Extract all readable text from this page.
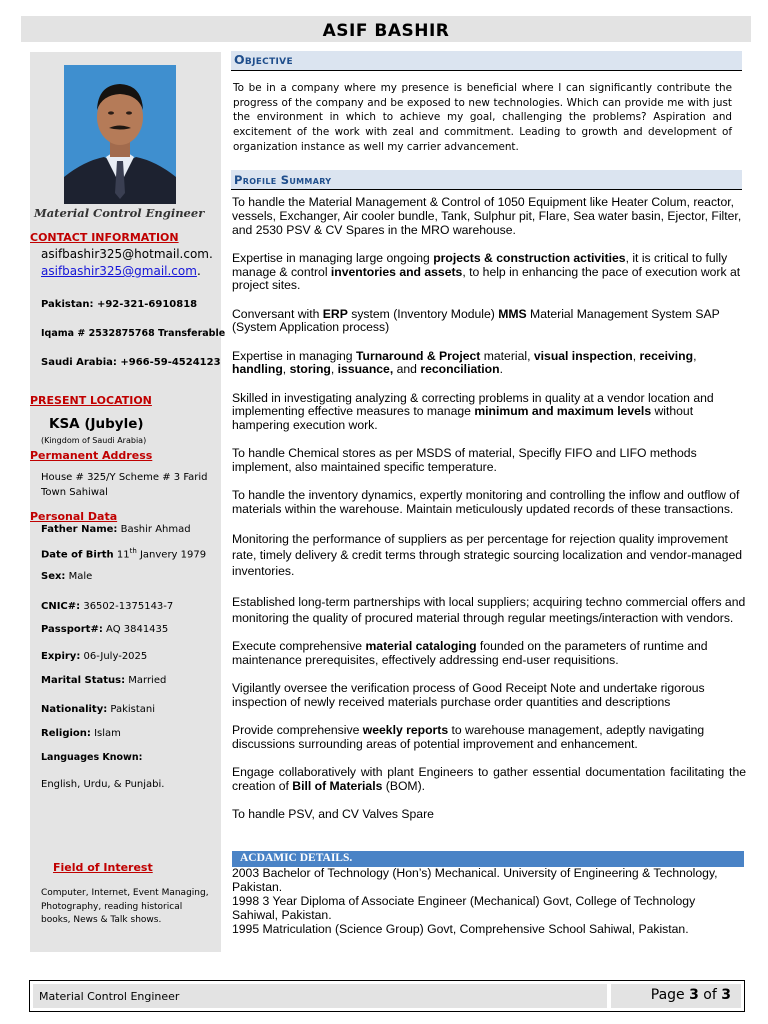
ASIF BASHIR
Material Control Engineer
CONTACT INFORMATION
asifbashir325@hotmail.com.
asifbashir325@gmail.com.
Pakistan: +92-321-6910818
Iqama # 2532875768 Transferable
Saudi Arabia: +966-59-4524123
PRESENT LOCATION
KSA (Jubyle)
(Kingdom of Saudi Arabia)
Permanent Address
House # 325/Y Scheme # 3 Farid Town Sahiwal
Personal Data
Father Name: Bashir Ahmad
Date of Birth 11th Janvery 1979
Sex: Male
CNIC#: 36502-1375143-7
Passport#: AQ 3841435
Expiry: 06-July-2025
Marital Status: Married
Nationality: Pakistani
Religion: Islam
Languages Known:
English, Urdu, & Punjabi.
Field of Interest
Computer, Internet, Event Managing, Photography, reading historical books, News & Talk shows.
Objective
To be in a company where my presence is beneficial where I can significantly contribute the progress of the company and be exposed to new technologies. Which can provide me with just the environment in which to achieve my goal, challenging the problems? Aspiration and excitement of the work with zeal and commitment. Leading to growth and development of organization instance as well my carrier advancement.
Profile Summary

To handle the Material Management & Control of 1050 Equipment like Heater Colum, reactor, vessels, Exchanger, Air cooler bundle, Tank, Sulphur pit, Flare, Sea water basin, Ejector, Filter, and 2530 PSV & CV Spares in the MRO warehouse.

Expertise in managing large ongoing projects & construction activities, it is critical to fully manage & control inventories and assets, to help in enhancing the pace of execution work at project sites.

Conversant with ERP system (Inventory Module) MMS Material Management System SAP (System Application process)

Expertise in managing Turnaround & Project material, visual inspection, receiving, handling, storing, issuance, and reconciliation.

Skilled in investigating analyzing & correcting problems in quality at a vendor location and implementing effective measures to manage minimum and maximum levels without hampering execution work.

To handle Chemical stores as per MSDS of material, Specifly FIFO and LIFO methods implement, also maintained specific temperature.

To handle the inventory dynamics, expertly monitoring and controlling the inflow and outflow of materials within the warehouse. Maintain meticulously updated records of these transactions.

Monitoring the performance of suppliers as per percentage for rejection quality improvement rate, timely delivery & credit terms through strategic sourcing localization and vendor-managed inventories.

Established long-term partnerships with local suppliers; acquiring techno commercial offers and monitoring the quality of procured material through regular meetings/interaction with vendors.

Execute comprehensive material cataloging founded on the parameters of runtime and maintenance prerequisites, effectively addressing end-user requisitions.

Vigilantly oversee the verification process of Good Receipt Note and undertake rigorous inspection of newly received materials purchase order quantities and descriptions

Provide comprehensive weekly reports to warehouse management, adeptly navigating discussions surrounding areas of potential improvement and enhancement.

Engage collaboratively with plant Engineers to gather essential documentation facilitating the creation of Bill of Materials (BOM).

To handle PSV, and CV Valves Spare

ACDAMIC DETAILS.
2003 Bachelor of Technology (Hon’s) Mechanical. University of Engineering & Technology, Pakistan.
1998 3 Year Diploma of Associate Engineer (Mechanical) Govt, College of Technology Sahiwal, Pakistan.
1995 Matriculation (Science Group) Govt, Comprehensive School Sahiwal, Pakistan.
Material Control Engineer	Page 3 of 3
